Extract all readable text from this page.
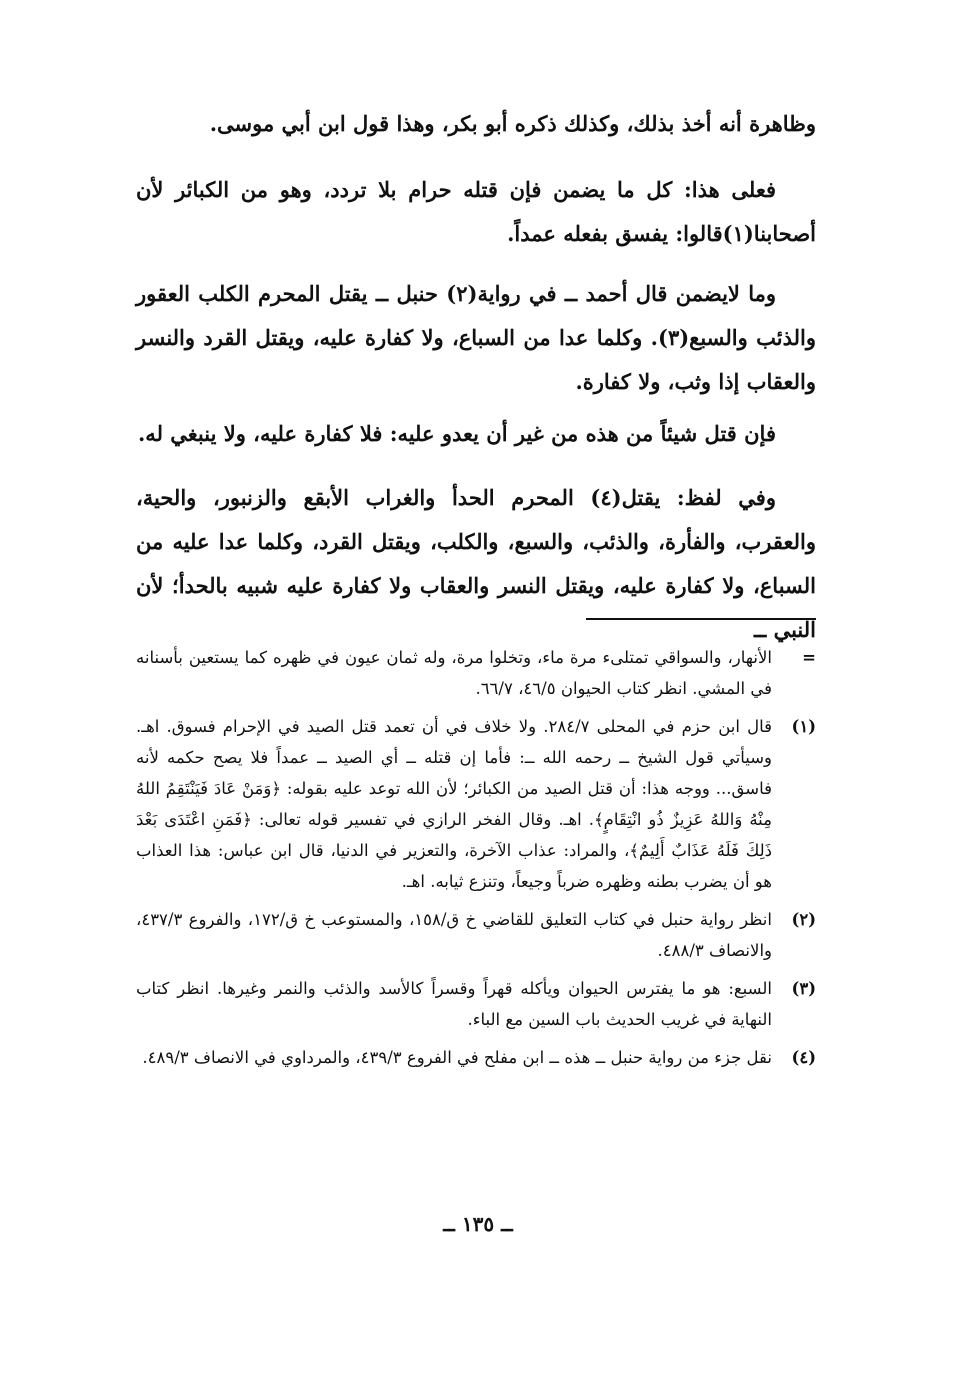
وظاهرة أنه أخذ بذلك، وكذلك ذكره أبو بكر، وهذا قول ابن أبي موسى.

فعلى هذا: كل ما يضمن فإن قتله حرام بلا تردد، وهو من الكبائر لأن أصحابنا(١)قالوا: يفسق بفعله عمداً.

وما لايضمن قال أحمد ــ في رواية(٢) حنبل ــ يقتل المحرم الكلب العقور والذئب والسبع(٣). وكلما عدا من السباع، ولا كفارة عليه، ويقتل القرد والنسر والعقاب إذا وثب، ولا كفارة.

فإن قتل شيئاً من هذه من غير أن يعدو عليه: فلا كفارة عليه، ولا ينبغي له.

وفي لفظ: يقتل(٤) المحرم الحدأ والغراب الأبقع والزنبور، والحية، والعقرب، والفأرة، والذئب، والسبع، والكلب، ويقتل القرد، وكلما عدا عليه من السباع، ولا كفارة عليه، ويقتل النسر والعقاب ولا كفارة عليه شبيه بالحدأ؛ لأن النبي ــ

=
الأنهار، والسواقي تمتلىء مرة ماء، وتخلوا مرة، وله ثمان عيون في ظهره كما يستعين بأسنانه في المشي. انظر كتاب الحيوان ٤٦/٥، ٦٦/٧.
(١)
قال ابن حزم في المحلى ٢٨٤/٧. ولا خلاف في أن تعمد قتل الصيد في الإحرام فسوق. اهـ. وسيأتي قول الشيخ ــ رحمه الله ــ: فأما إن قتله ــ أي الصيد ــ عمداً فلا يصح حكمه لأنه فاسق... ووجه هذا: أن قتل الصيد من الكبائر؛ لأن الله توعد عليه بقوله: ﴿وَمَنْ عَادَ فَيَنْتَقِمُ اللهُ مِنْهُ وَاللهُ عَزِيزٌ ذُو انْتِقَامٍ﴾. اهـ. وقال الفخر الرازي في تفسير قوله تعالى: ﴿فَمَنِ اعْتَدَى بَعْدَ ذَلِكَ فَلَهُ عَذَابٌ أَلِيمٌ﴾، والمراد: عذاب الآخرة، والتعزير في الدنيا، قال ابن عباس: هذا العذاب هو أن يضرب بطنه وظهره ضرباً وجيعاً، وتنزع ثيابه. اهـ.
(٢)
انظر رواية حنبل في كتاب التعليق للقاضي خ ق/١٥٨، والمستوعب خ ق/١٧٢، والفروع ٤٣٧/٣، والانصاف ٤٨٨/٣.
(٣)
السبع: هو ما يفترس الحيوان ويأكله قهراً وقسراً كالأسد والذئب والنمر وغيرها. انظر كتاب النهاية في غريب الحديث باب السين مع الباء.
(٤)
نقل جزء من رواية حنبل ــ هذه ــ ابن مفلح في الفروع ٤٣٩/٣، والمرداوي في الانصاف ٤٨٩/٣.
ــ ١٣٥ ــ
